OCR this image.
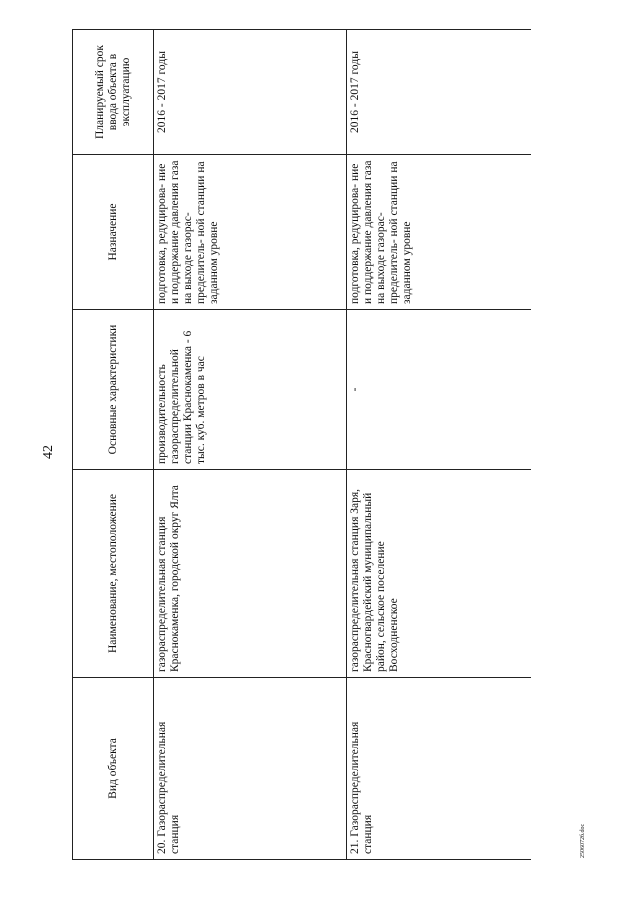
42
Вид объекта	Наименование, местоположение	Основные характеристики	Назначение	Планируемый срок ввода объекта в эксплуатацию
20. Газораспределительная станция	газораспределительная станция Краснокаменка, городской округ Ялта	производительность газораспределительной станции Краснокаменка - 6 тыс. куб. метров в час	подготовка, редуцирова- ние и поддержание давления газа на выходе газорас- пределитель- ной станции на заданном уровне	2016 - 2017 годы
21. Газораспределительная станция	газораспределительная станция Заря, Красногвардейский муниципальный район, сельское поселение Восходненское	-	подготовка, редуцирова- ние и поддержание давления газа на выходе газорас- пределитель- ной станции на заданном уровне	2016 - 2017 годы
2506072б.doc
